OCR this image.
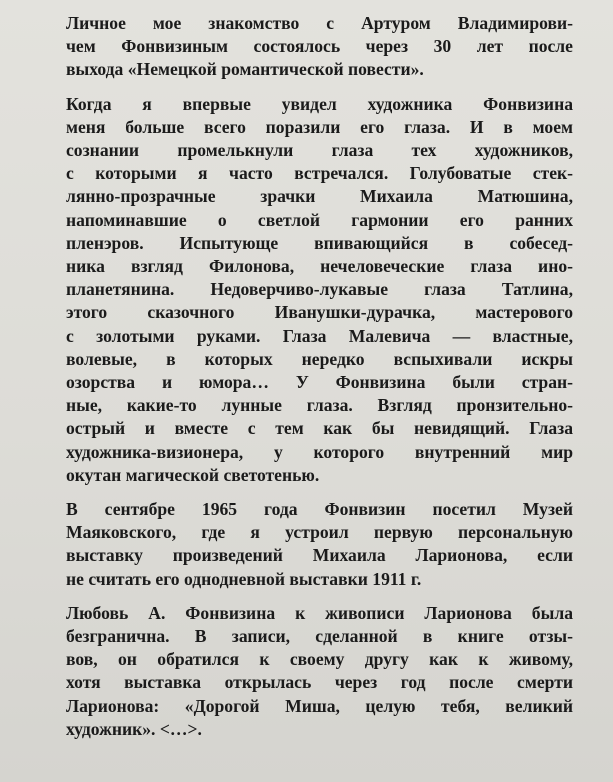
Личное мое знакомство с Артуром Владимирови-
чем Фонвизиным состоялось через 30 лет после
выхода «Немецкой романтической повести».

Когда я впервые увидел художника Фонвизина
меня больше всего поразили его глаза. И в моем
сознании промелькнули глаза тех художников,
с которыми я часто встречался. Голубоватые стек-
лянно-прозрачные зрачки Михаила Матюшина,
напоминавшие о светлой гармонии его ранних
пленэров. Испытующе впивающийся в собесед-
ника взгляд Филонова, нечеловеческие глаза ино-
планетянина. Недоверчиво-лукавые глаза Татлина,
этого сказочного Иванушки-дурачка, мастерового
с золотыми руками. Глаза Малевича — властные,
волевые, в которых нередко вспыхивали искры
озорства и юмора… У Фонвизина были стран-
ные, какие-то лунные глаза. Взгляд пронзительно-
острый и вместе с тем как бы невидящий. Глаза
художника-визионера, у которого внутренний мир
окутан магической светотенью.

В сентябре 1965 года Фонвизин посетил Музей
Маяковского, где я устроил первую персональную
выставку произведений Михаила Ларионова, если
не считать его однодневной выставки 1911 г.

Любовь А. Фонвизина к живописи Ларионова была
безгранична. В записи, сделанной в книге отзы-
вов, он обратился к своему другу как к живому,
хотя выставка открылась через год после смерти
Ларионова: «Дорогой Миша, целую тебя, великий
художник». <…>.
